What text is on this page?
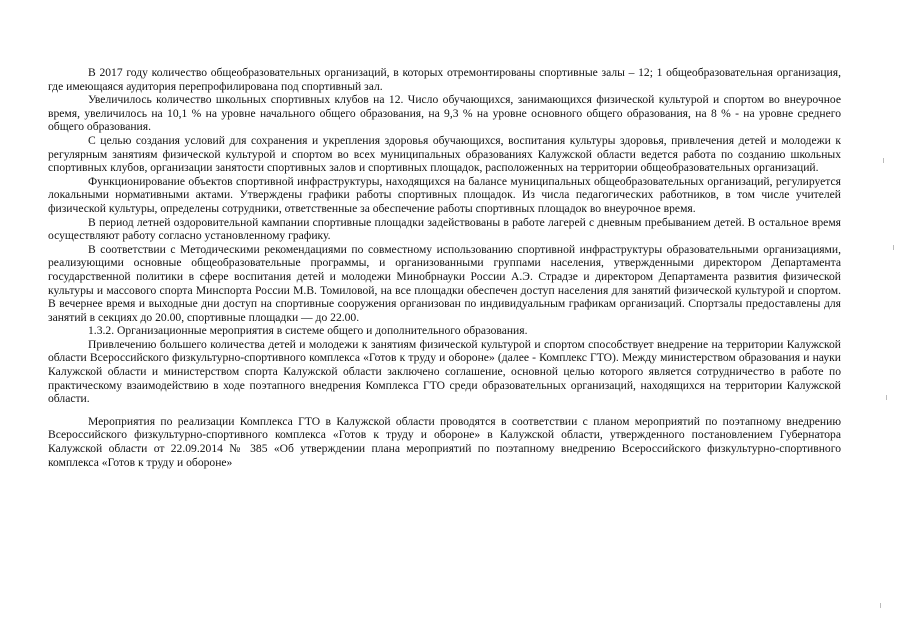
В 2017 году количество общеобразовательных организаций, в которых отремонтированы спортивные залы – 12; 1 общеобразовательная организация, где имеющаяся аудитория перепрофилирована под спортивный зал.

Увеличилось количество школьных спортивных клубов на 12. Число обучающихся, занимающихся физической культурой и спортом во внеурочное время, увеличилось на 10,1 % на уровне начального общего образования, на 9,3 % на уровне основного общего образования, на 8 % - на уровне среднего общего образования.

С целью создания условий для сохранения и укрепления здоровья обучающихся, воспитания культуры здоровья, привлечения детей и молодежи к регулярным занятиям физической культурой и спортом во всех муниципальных образованиях Калужской области ведется работа по созданию школьных спортивных клубов, организации занятости спортивных залов и спортивных площадок, расположенных на территории общеобразовательных организаций.

Функционирование объектов спортивной инфраструктуры, находящихся на балансе муниципальных общеобразовательных организаций, регулируется локальными нормативными актами. Утверждены графики работы спортивных площадок. Из числа педагогических работников, в том числе учителей физической культуры, определены сотрудники, ответственные за обеспечение работы спортивных площадок во внеурочное время.

В период летней оздоровительной кампании спортивные площадки задействованы в работе лагерей с дневным пребыванием детей. В остальное время осуществляют работу согласно установленному графику.

В соответствии с Методическими рекомендациями по совместному использованию спортивной инфраструктуры образовательными организациями, реализующими основные общеобразовательные программы, и организованными группами населения, утвержденными директором Департамента государственной политики в сфере воспитания детей и молодежи Минобрнауки России А.Э. Страдзе и директором Департамента развития физической культуры и массового спорта Минспорта России М.В. Томиловой, на все площадки обеспечен доступ населения для занятий физической культурой и спортом. В вечернее время и выходные дни доступ на спортивные сооружения организован по индивидуальным графикам организаций. Спортзалы предоставлены для занятий в секциях до 20.00, спортивные площадки — до 22.00.

1.3.2. Организационные мероприятия в системе общего и дополнительного образования.

Привлечению большего количества детей и молодежи к занятиям физической культурой и спортом способствует внедрение на территории Калужской области Всероссийского физкультурно-спортивного комплекса «Готов к труду и обороне» (далее - Комплекс ГТО). Между министерством образования и науки Калужской области и министерством спорта Калужской области заключено соглашение, основной целью которого является сотрудничество в работе по практическому взаимодействию в ходе поэтапного внедрения Комплекса ГТО среди образовательных организаций, находящихся на территории Калужской области.

Мероприятия по реализации Комплекса ГТО в Калужской области проводятся в соответствии с планом мероприятий по поэтапному внедрению Всероссийского физкультурно-спортивного комплекса «Готов к труду и обороне» в Калужской области, утвержденного постановлением Губернатора Калужской области от 22.09.2014 № 385 «Об утверждении плана мероприятий по поэтапному внедрению Всероссийского физкультурно-спортивного комплекса «Готов к труду и обороне»
